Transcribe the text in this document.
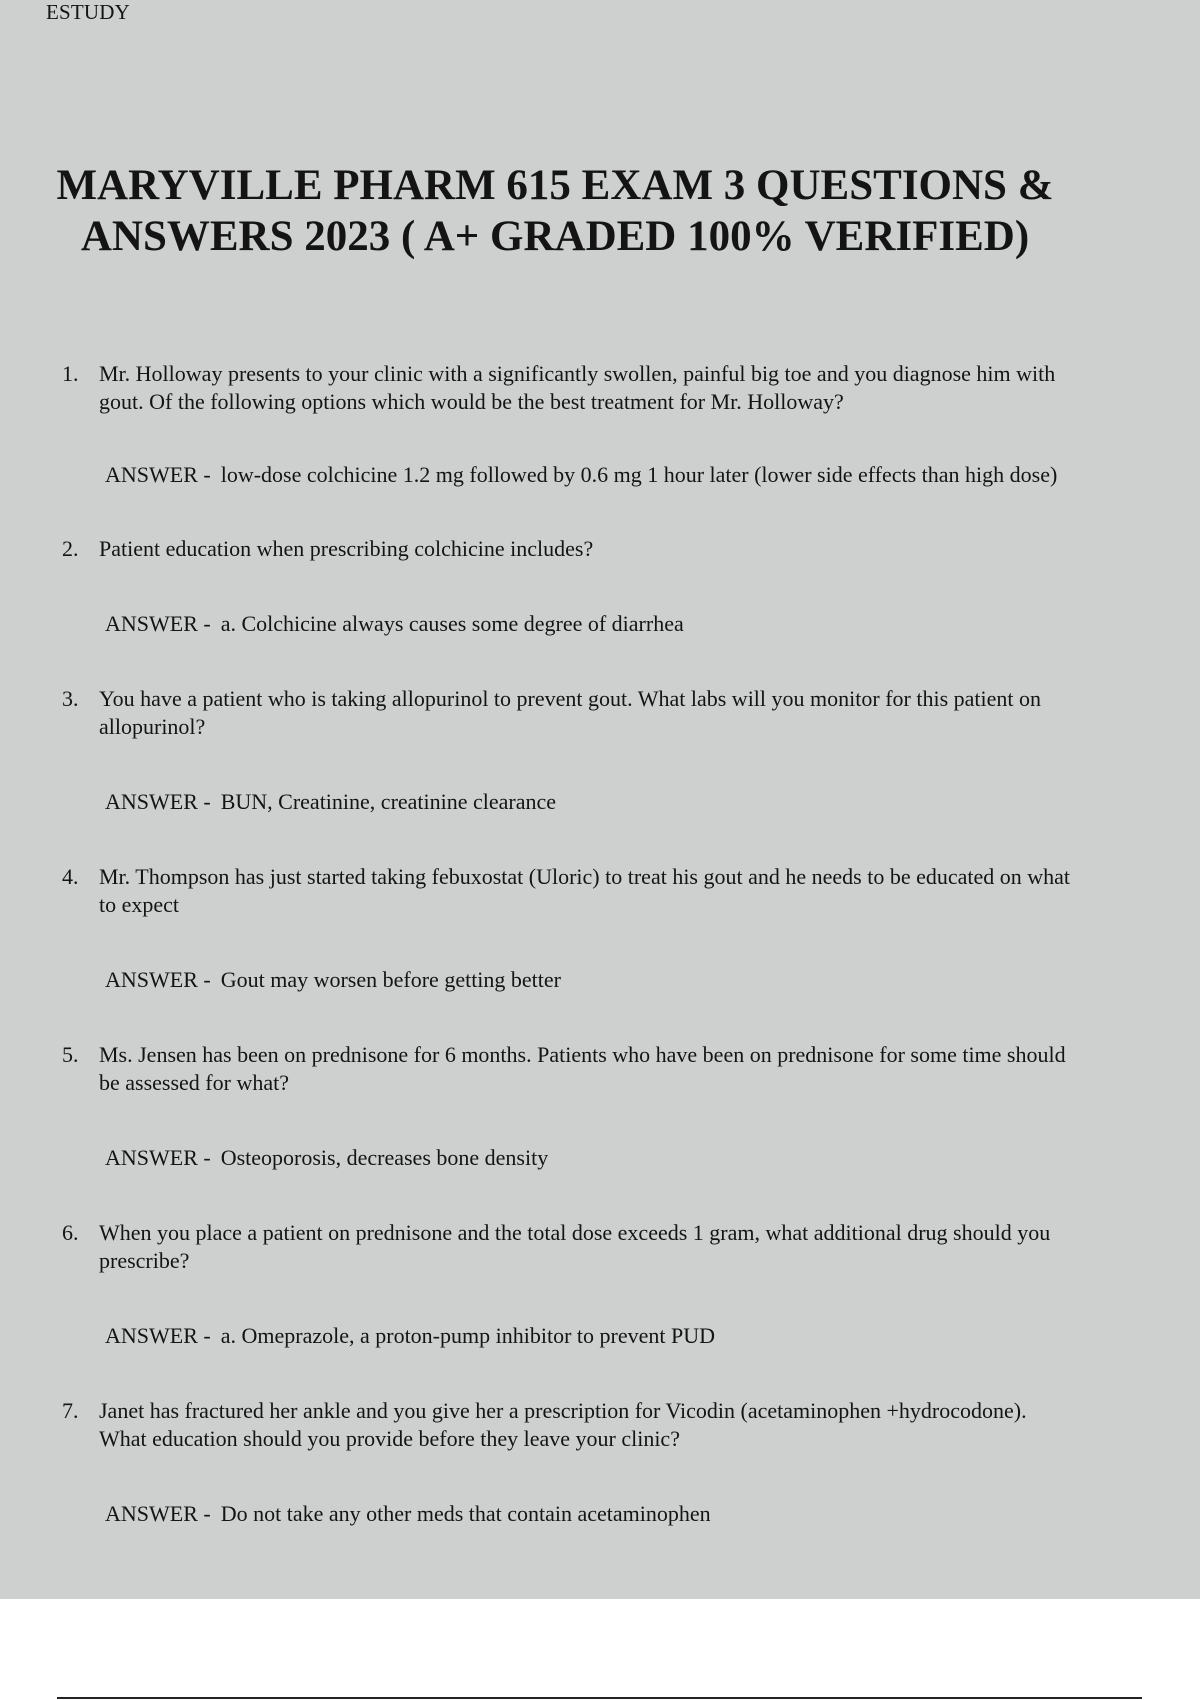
ESTUDY
MARYVILLE PHARM 615 EXAM 3 QUESTIONS & ANSWERS 2023 ( A+ GRADED 100% VERIFIED)

1. Mr. Holloway presents to your clinic with a significantly swollen, painful big toe and you diagnose him with gout. Of the following options which would be the best treatment for Mr. Holloway?

ANSWER - low-dose colchicine 1.2 mg followed by 0.6 mg 1 hour later (lower side effects than high dose)

2. Patient education when prescribing colchicine includes?

ANSWER - a. Colchicine always causes some degree of diarrhea

3. You have a patient who is taking allopurinol to prevent gout. What labs will you monitor for this patient on allopurinol?

ANSWER - BUN, Creatinine, creatinine clearance

4. Mr. Thompson has just started taking febuxostat (Uloric) to treat his gout and he needs to be educated on what to expect

ANSWER - Gout may worsen before getting better

5. Ms. Jensen has been on prednisone for 6 months. Patients who have been on prednisone for some time should be assessed for what?

ANSWER - Osteoporosis, decreases bone density

6. When you place a patient on prednisone and the total dose exceeds 1 gram, what additional drug should you prescribe?

ANSWER - a. Omeprazole, a proton-pump inhibitor to prevent PUD

7. Janet has fractured her ankle and you give her a prescription for Vicodin (acetaminophen +hydrocodone). What education should you provide before they leave your clinic?

ANSWER - Do not take any other meds that contain acetaminophen
